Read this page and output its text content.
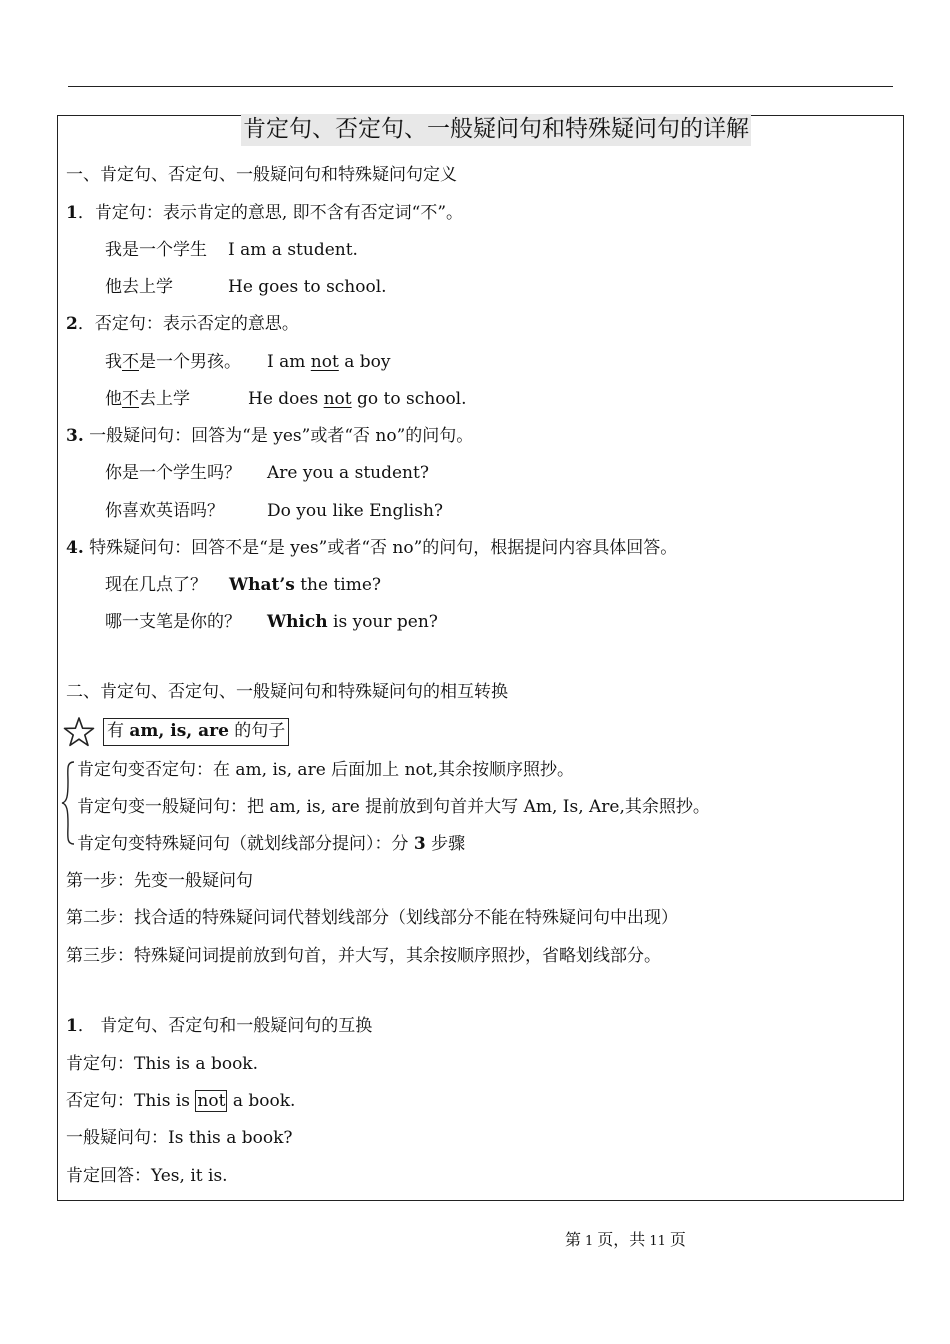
肯定句、否定句、一般疑问句和特殊疑问句的详解
一、肯定句、否定句、一般疑问句和特殊疑问句定义
1．肯定句：表示肯定的意思, 即不含有否定词“不”。
我是一个学生 I am a student.
他去上学	He goes to school.
2．否定句：表示否定的意思。
我不是一个男孩。 I am not a boy
他不去上学	He does not go to school.
3. 一般疑问句：回答为“是 yes”或者“否 no”的问句。
你是一个学生吗？ Are you a student?
你喜欢英语吗？	Do you like English?
4. 特殊疑问句：回答不是“是 yes”或者“否 no”的问句，根据提问内容具体回答。
现在几点了？ What’s the time?
哪一支笔是你的？ Which is your pen?
二、肯定句、否定句、一般疑问句和特殊疑问句的相互转换
有 am, is, are 的句子
肯定句变否定句：在 am, is, are 后面加上 not,其余按顺序照抄。
肯定句变一般疑问句：把 am, is, are 提前放到句首并大写 Am, Is, Are,其余照抄。
肯定句变特殊疑问句（就划线部分提问）：分 3 步骤
第一步：先变一般疑问句
第二步：找合适的特殊疑问词代替划线部分（划线部分不能在特殊疑问句中出现）
第三步：特殊疑问词提前放到句首，并大写，其余按顺序照抄，省略划线部分。
1． 肯定句、否定句和一般疑问句的互换
肯定句：This is a book.
否定句：This is not a book.
一般疑问句：Is this a book?
肯定回答：Yes, it is.
第 1 页，共 11 页
